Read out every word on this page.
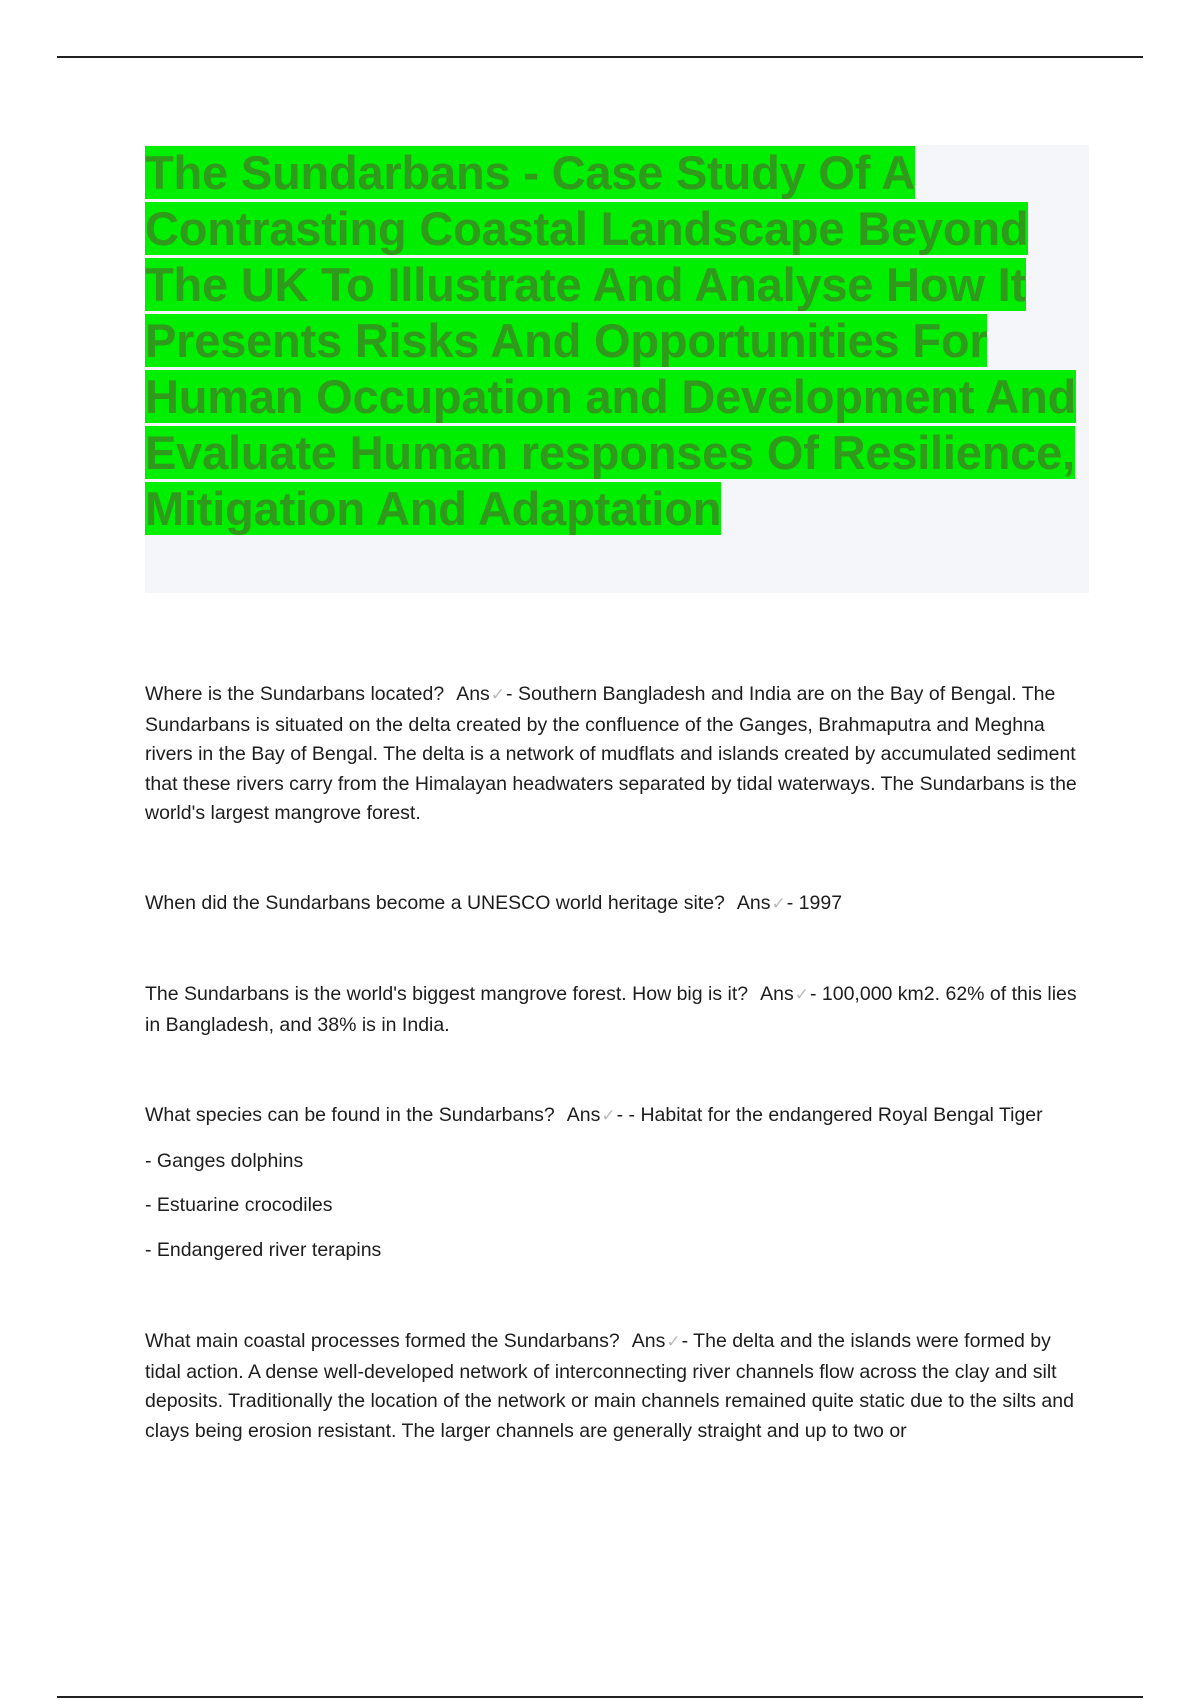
The Sundarbans - Case Study Of A Contrasting Coastal Landscape Beyond The UK To Illustrate And Analyse How It Presents Risks And Opportunities For Human Occupation and Development And Evaluate Human responses Of Resilience, Mitigation And Adaptation

Where is the Sundarbans located? Ans✓- Southern Bangladesh and India are on the Bay of Bengal. The Sundarbans is situated on the delta created by the confluence of the Ganges, Brahmaputra and Meghna rivers in the Bay of Bengal. The delta is a network of mudflats and islands created by accumulated sediment that these rivers carry from the Himalayan headwaters separated by tidal waterways. The Sundarbans is the world's largest mangrove forest.

When did the Sundarbans become a UNESCO world heritage site? Ans✓- 1997

The Sundarbans is the world's biggest mangrove forest. How big is it? Ans✓- 100,000 km2. 62% of this lies in Bangladesh, and 38% is in India.

What species can be found in the Sundarbans? Ans✓- - Habitat for the endangered Royal Bengal Tiger

- Ganges dolphins

- Estuarine crocodiles

- Endangered river terapins

What main coastal processes formed the Sundarbans? Ans✓- The delta and the islands were formed by tidal action. A dense well-developed network of interconnecting river channels flow across the clay and silt deposits. Traditionally the location of the network or main channels remained quite static due to the silts and clays being erosion resistant. The larger channels are generally straight and up to two or
